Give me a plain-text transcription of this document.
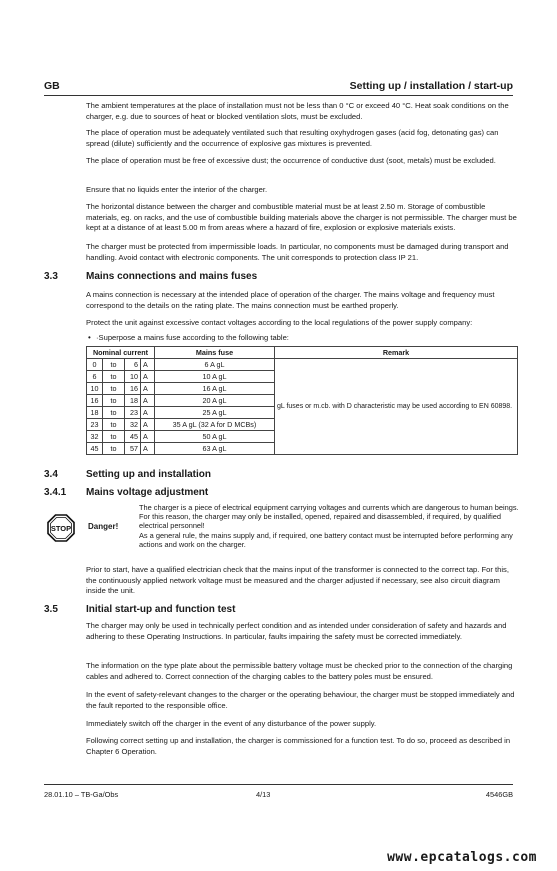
GB	Setting up / installation / start-up

The ambient temperatures at the place of installation must not be less than 0 °C or exceed 40 °C. Heat soak conditions on the charger, e.g. due to sources of heat or blocked ventilation slots, must be excluded.

The place of operation must be adequately ventilated such that resulting oxyhydrogen gases (acid fog, detonating gas) can spread (dilute) sufficiently and the occurrence of explosive gas mixtures is prevented.

The place of operation must be free of excessive dust; the occurrence of conductive dust (soot, metals) must be excluded.

Ensure that no liquids enter the interior of the charger.

The horizontal distance between the charger and combustible material must be at least 2.50 m. Storage of combustible materials, eg. on racks, and the use of combustible building materials above the charger is not permissible. The charger must be kept at a distance of at least 5.00 m from areas where a hazard of fire, explosion or explosive materials exists.

The charger must be protected from impermissible loads. In particular, no components must be damaged during transport and handling. Avoid contact with electronic components. The unit corresponds to protection class IP 21.

3.3	Mains connections and mains fuses

A mains connection is necessary at the intended place of operation of the charger. The mains voltage and frequency must correspond to the details on the rating plate. The mains connection must be earthed properly.

Protect the unit against excessive contact voltages according to the local regulations of the power supply company:

• ·Superpose a mains fuse according to the following table:

Nominal current				Mains fuse	Remark
0	to	6	A	6 A gL	gL fuses or m.cb. with D characteristic may be used according to EN 60898.
6	to	10	A	10 A gL	
10	to	16	A	16 A gL	
16	to	18	A	20 A gL	
18	to	23	A	25 A gL	
23	to	32	A	35 A gL (32 A for D MCBs)	
32	to	45	A	50 A gL	
45	to	57	A	63 A gL	
3.4	Setting up and installation
3.4.1 Mains voltage adjustment
STOP Danger!
The charger is a piece of electrical equipment carrying voltages and currents which are dangerous to human beings.
For this reason, the charger may only be installed, opened, repaired and disassembled, if required, by qualified electrical personnel!
As a general rule, the mains supply and, if required, one battery contact must be interrupted before performing any actions and work on the charger.

Prior to start, have a qualified electrician check that the mains input of the transformer is connected to the correct tap. For this, the continuously applied network voltage must be measured and the charger adjusted if necessary, see also circuit diagram inside the unit.

3.5	Initial start-up and function test

The charger may only be used in technically perfect condition and as intended under consideration of safety and hazards and adhering to these Operating Instructions. In particular, faults impairing the safety must be corrected immediately.

The information on the type plate about the permissible battery voltage must be checked prior to the connection of the charging cables and adhered to. Correct connection of the charging cables to the battery poles must be ensured.

In the event of safety-relevant changes to the charger or the operating behaviour, the charger must be stopped immediately and the fault reported to the responsible office.

Immediately switch off the charger in the event of any disturbance of the power supply.

Following correct setting up and installation, the charger is commissioned for a function test. To do so, proceed as described in Chapter 6 Operation.

28.01.10 – TB-Ga/Obs	4/13	4546GB
www.epcatalogs.com
